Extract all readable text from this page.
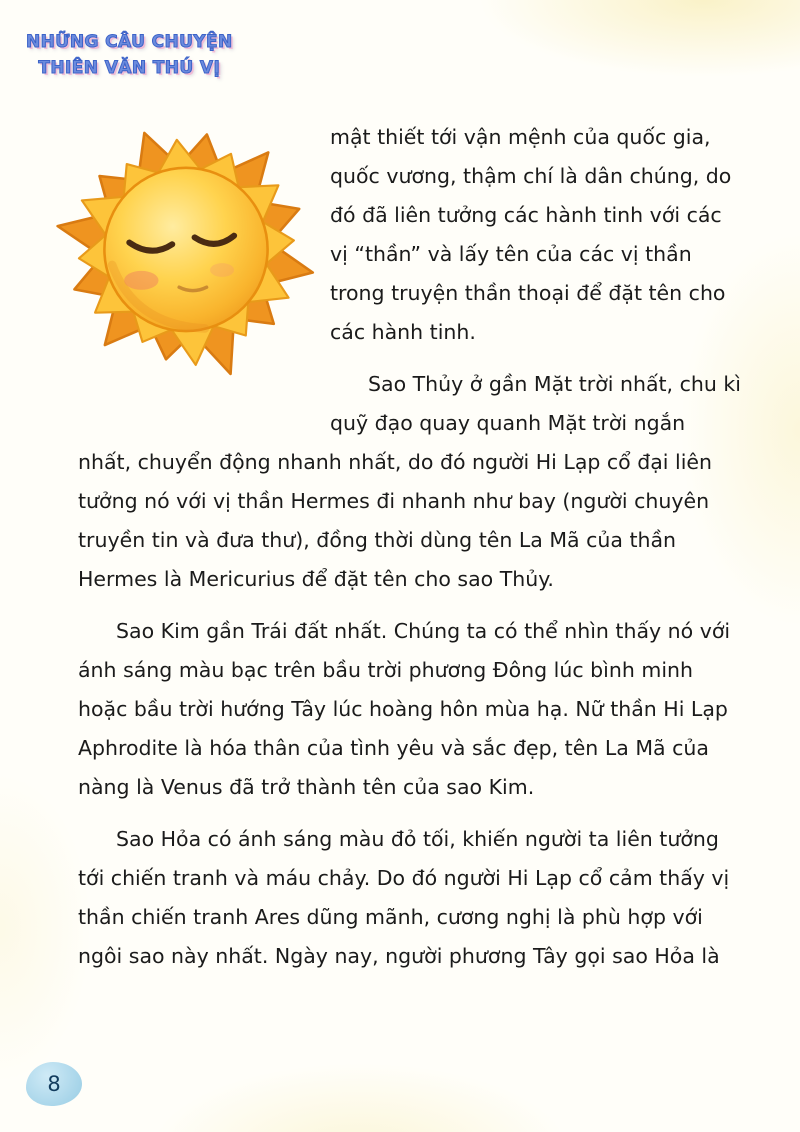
NHỮNG CÂU CHUYỆN
THIÊN VĂN THÚ VỊ

mật thiết tới vận mệnh của quốc gia, quốc vương, thậm chí là dân chúng, do đó đã liên tưởng các hành tinh với các vị “thần” và lấy tên của các vị thần trong truyện thần thoại để đặt tên cho các hành tinh.

Sao Thủy ở gần Mặt trời nhất, chu kì quỹ đạo quay quanh Mặt trời ngắn nhất, chuyển động nhanh nhất, do đó người Hi Lạp cổ đại liên tưởng nó với vị thần Hermes đi nhanh như bay (người chuyên truyền tin và đưa thư), đồng thời dùng tên La Mã của thần Hermes là Mericurius để đặt tên cho sao Thủy.

Sao Kim gần Trái đất nhất. Chúng ta có thể nhìn thấy nó với ánh sáng màu bạc trên bầu trời phương Đông lúc bình minh hoặc bầu trời hướng Tây lúc hoàng hôn mùa hạ. Nữ thần Hi Lạp Aphrodite là hóa thân của tình yêu và sắc đẹp, tên La Mã của nàng là Venus đã trở thành tên của sao Kim.

Sao Hỏa có ánh sáng màu đỏ tối, khiến người ta liên tưởng tới chiến tranh và máu chảy. Do đó người Hi Lạp cổ cảm thấy vị thần chiến tranh Ares dũng mãnh, cương nghị là phù hợp với ngôi sao này nhất. Ngày nay, người phương Tây gọi sao Hỏa là

8
